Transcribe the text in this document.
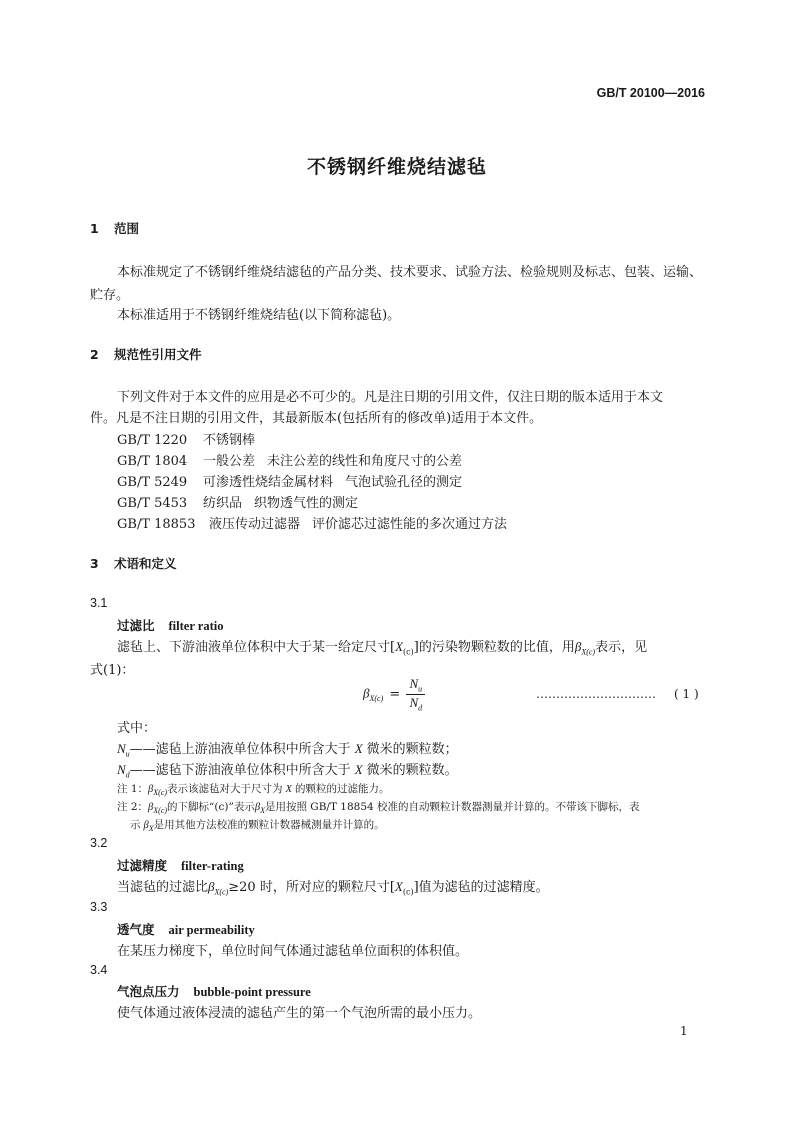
GB/T 20100—2016
不锈钢纤维烧结滤毡
1 范围
本标准规定了不锈钢纤维烧结滤毡的产品分类、技术要求、试验方法、检验规则及标志、包装、运输、
贮存。
本标准适用于不锈钢纤维烧结毡(以下简称滤毡)。
2 规范性引用文件
下列文件对于本文件的应用是必不可少的。凡是注日期的引用文件，仅注日期的版本适用于本文
件。凡是不注日期的引用文件，其最新版本(包括所有的修改单)适用于本文件。
GB/T 1220 不锈钢棒
GB/T 1804 一般公差 未注公差的线性和角度尺寸的公差
GB/T 5249 可渗透性烧结金属材料 气泡试验孔径的测定
GB/T 5453 纺织品 织物透气性的测定
GB/T 18853 液压传动过滤器 评价滤芯过滤性能的多次通过方法
3 术语和定义
3.1
过滤比 filter ratio
滤毡上、下游油液单位体积中大于某一给定尺寸$[X_{(c)}]$的污染物颗粒数的比值，用$\beta_{X(c)}$表示，见
式(1)：
$\beta_{X(c)} = \frac{N_u}{N_d}$	………………………… ( 1 )
式中：
$N_u——$滤毡上游油液单位体积中所含大于 X 微米的颗粒数；
$N_d——$滤毡下游油液单位体积中所含大于 X 微米的颗粒数。
注 1：$\beta_{X(c)}$表示该滤毡对大于尺寸为 X 的颗粒的过滤能力。
注 2：$\beta_{X(c)}$的下脚标“(c)”表示$\beta_X$是用按照 GB/T 18854 校准的自动颗粒计数器测量并计算的。不带该下脚标，表
示 $\beta_X$是用其他方法校准的颗粒计数器械测量并计算的。
3.2
过滤精度 filter-rating
当滤毡的过滤比$\beta_{X(c)}\ge 20$ 时，所对应的颗粒尺寸$[X_{(c)}]$值为滤毡的过滤精度。
3.3
透气度 air permeability
在某压力梯度下，单位时间气体通过滤毡单位面积的体积值。
3.4
气泡点压力 bubble-point pressure
使气体通过液体浸渍的滤毡产生的第一个气泡所需的最小压力。
1
